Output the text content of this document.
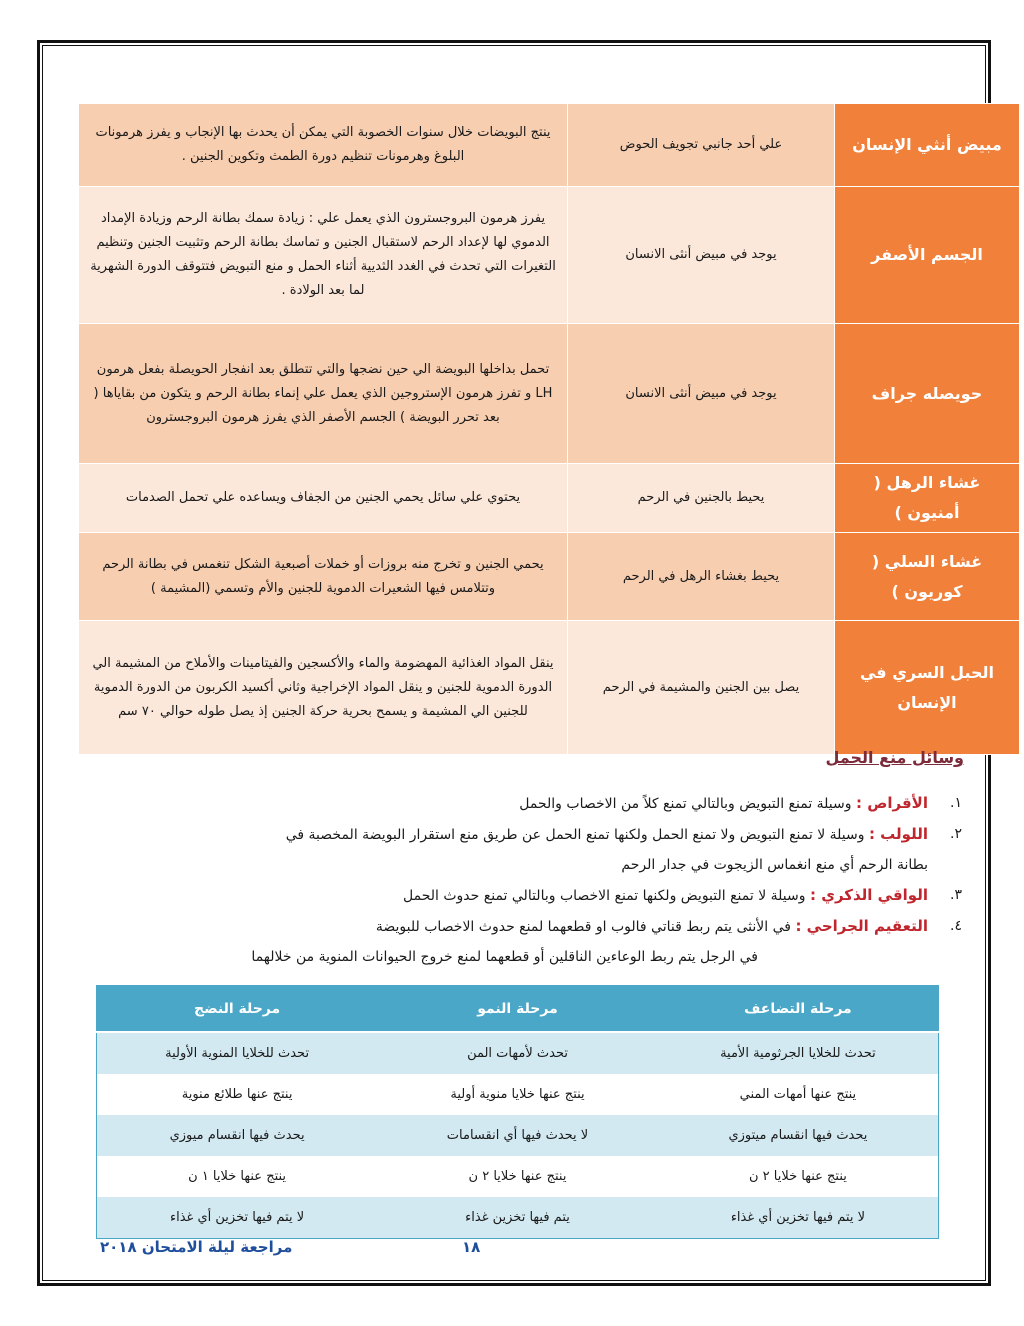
مبيض أنثي الإنسان	علي أحد جانبي تجويف الحوض	ينتج البويضات خلال سنوات الخصوبة التي يمكن أن يحدث بها الإنجاب و يفرز هرمونات البلوغ وهرمونات تنظيم دورة الطمث وتكوين الجنين .
الجسم الأصفر	يوجد في مبيض أنثى الانسان	يفرز هرمون البروجسترون الذي يعمل علي : زيادة سمك بطانة الرحم وزيادة الإمداد الدموي لها لإعداد الرحم لاستقبال الجنين و تماسك بطانة الرحم وتثبيت الجنين وتنظيم التغيرات التي تحدث في الغدد الثديية أثناء الحمل و منع التبويض فتتوقف الدورة الشهرية لما بعد الولادة .
حويصله جراف	يوجد في مبيض أنثى الانسان	تحمل بداخلها البويضة الي حين نضجها والتي تتطلق بعد انفجار الحويصلة بفعل هرمون LH و تفرز هرمون الإستروجين الذي يعمل علي إنماء بطانة الرحم و يتكون من بقاياها ( بعد تحرر البويضة ) الجسم الأصفر الذي يفرز هرمون البروجسترون
غشاء الرهل ( أمنيون )	يحيط بالجنين في الرحم	يحتوي علي سائل يحمي الجنين من الجفاف ويساعده علي تحمل الصدمات
غشاء السلي ( كوريون )	يحيط بغشاء الرهل في الرحم	يحمي الجنين و تخرج منه بروزات أو خملات أصبعية الشكل تنغمس في بطانة الرحم وتتلامس فيها الشعيرات الدموية للجنين والأم وتسمي (المشيمة )
الحبل السري في الإنسان	يصل بين الجنين والمشيمة في الرحم	ينقل المواد الغذائية المهضومة والماء والأكسجين والفيتامينات والأملاح من المشيمة الي الدورة الدموية للجنين و ينقل المواد الإخراجية وثاني أكسيد الكربون من الدورة الدموية للجنين الي المشيمة و يسمح بحرية حركة الجنين إذ يصل طوله حوالي ٧٠ سم
وسائل منع الحمل
١.
الأقراص : وسيلة تمنع التبويض وبالتالي تمنع كلاً من الاخصاب والحمل
٢.
اللولب : وسيلة لا تمنع التبويض ولا تمنع الحمل ولكنها تمنع الحمل عن طريق منع استقرار البويضة المخصبة في
بطانة الرحم أي منع انغماس الزيجوت في جدار الرحم
٣.
الواقي الذكري : وسيلة لا تمنع التبويض ولكنها تمنع الاخصاب وبالتالي تمنع حدوث الحمل
٤.
التعقيم الجراحي : في الأنثى يتم ربط قناتي فالوب او قطعهما لمنع حدوث الاخصاب للبويضة
في الرجل يتم ربط الوعاءين الناقلين أو قطعهما لمنع خروج الحيوانات المنوية من خلالهما
مرحلة التضاعف	مرحلة النمو	مرحلة النضج
تحدث للخلايا الجرثومية الأمية	تحدث لأمهات المن	تحدث للخلايا المنوية الأولية
ينتج عنها أمهات المني	ينتج عنها خلايا منوية أولية	ينتج عنها طلائع منوية
يحدث فيها انقسام ميتوزي	لا يحدث فيها أي انقسامات	يحدث فيها انقسام ميوزي
ينتج عنها خلايا ٢ ن	ينتج عنها خلايا ٢ ن	ينتج عنها خلايا ١ ن
لا يتم فيها تخزين أي غذاء	يتم فيها تخزين غذاء	لا يتم فيها تخزين أي غذاء

مراجعة ليلة الامتحان ٢٠١٨	١٨
